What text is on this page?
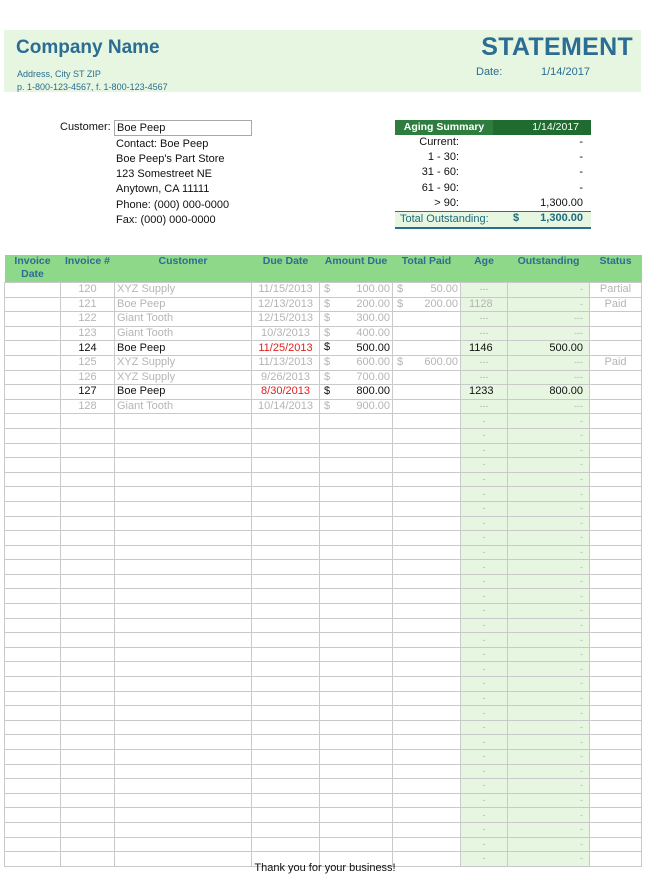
Company Name	STATEMENT
Address, City ST ZIP
p. 1-800-123-4567, f. 1-800-123-4567
Date:	1/14/2017
Customer: Boe Peep
Contact: Boe Peep
Boe Peep's Part Store
123 Somestreet NE
Anytown, CA 11111
Phone: (000) 000-0000
Fax: (000) 000-0000
Aging Summary	1/14/2017
Current:	-
1 - 30:	-
31 - 60:	-
61 - 90:	-
> 90:	1,300.00
Total Outstanding: $ 1,300.00
Invoice Date	Invoice #	Customer	Due Date	Amount Due	Total Paid	Age	Outstanding	Status
	120	XYZ Supply	11/15/2013	$ 100.00	$ 50.00	---	-	Partial
	121	Boe Peep	12/13/2013	$ 200.00	$ 200.00	1128	-	Paid
	122	Giant Tooth	12/15/2013	$ 300.00		---	---	
	123	Giant Tooth	10/3/2013	$ 400.00		---	---	
	124	Boe Peep	11/25/2013	$ 500.00		1146	500.00	
	125	XYZ Supply	11/13/2013	$ 600.00	$ 600.00	---	---	Paid
	126	XYZ Supply	9/26/2013	$ 700.00		---	---	
	127	Boe Peep	8/30/2013	$ 800.00		1233	800.00	
	128	Giant Tooth	10/14/2013	$ 900.00		---	---	
						-	-	
						-	-	
						-	-	
						-	-	
						-	-	
						-	-	
						-	-	
						-	-	
						-	-	
						-	-	
						-	-	
						-	-	
						-	-	
						-	-	
						-	-	
						-	-	
						-	-	
						-	-	
						-	-	
						-	-	
						-	-	
						-	-	
						-	-	
						-	-	
						-	-	
						-	-	
						-	-	
						-	-	
						-	-	
						-	-	
						-	-	
Thank you for your business!
